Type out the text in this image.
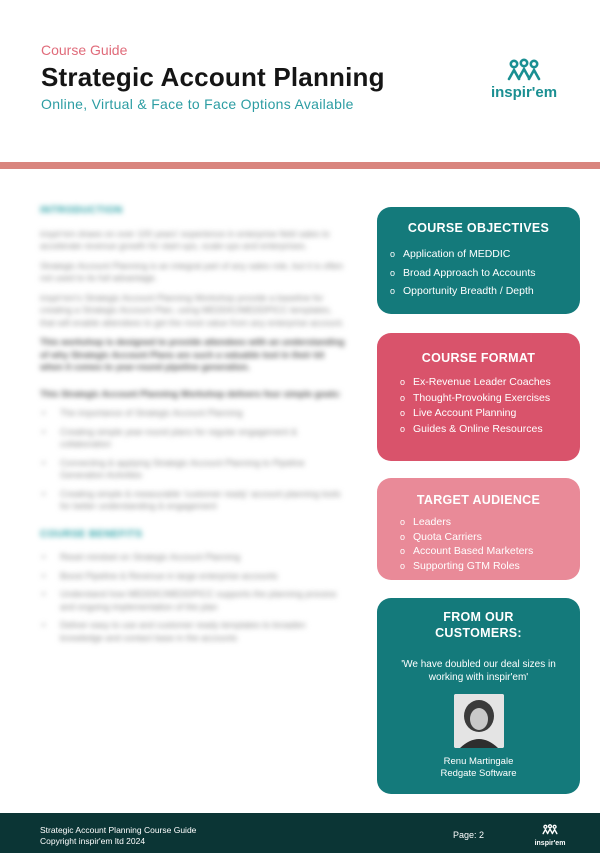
Course Guide
Strategic Account Planning
Online, Virtual & Face to Face Options Available
inspir'em
INTRODUCTION

inspir'em draws on over 100 years' experience in enterprise field sales to accelerate revenue growth for start-ups, scale-ups and enterprises.

Strategic Account Planning is an integral part of any sales role, but it is often not used to its full advantage.

inspir'em's Strategic Account Planning Workshop provide a baseline for creating a Strategic Account Plan, using MEDDIC/MEDDPICC templates, that will enable attendees to get the most value from any enterprise account.

This workshop is designed to provide attendees with an understanding of why Strategic Account Plans are such a valuable tool in their kit when it comes to year-round pipeline generation.

This Strategic Account Planning Workshop delivers four simple goals:

• The importance of Strategic Account Planning
• Creating simple year-round plans for regular engagement & collaboration
• Connecting & applying Strategic Account Planning to Pipeline Generation Activities
• Creating simple & measurable 'customer ready' account planning tools for better understanding & engagement
COURSE BENEFITS
• Reset mindset on Strategic Account Planning
• Boost Pipeline & Revenue in large enterprise accounts
• Understand how MEDDIC/MEDDPICC supports the planning process and ongoing implementation of the plan
• Deliver easy to use and customer ready templates to broaden knowledge and contact base in the accounts
COURSE OBJECTIVES
o Application of MEDDIC
o Broad Approach to Accounts
o Opportunity Breadth / Depth
COURSE FORMAT
o Ex-Revenue Leader Coaches
o Thought-Provoking Exercises
o Live Account Planning
o Guides & Online Resources
TARGET AUDIENCE
o Leaders
o Quota Carriers
o Account Based Marketers
o Supporting GTM Roles
FROM OUR CUSTOMERS:

'We have doubled our deal sizes in working with inspir'em'

Renu Martingale
Redgate Software
Strategic Account Planning Course Guide
Copyright inspir'em ltd 2024
Page: 2
inspir'em
